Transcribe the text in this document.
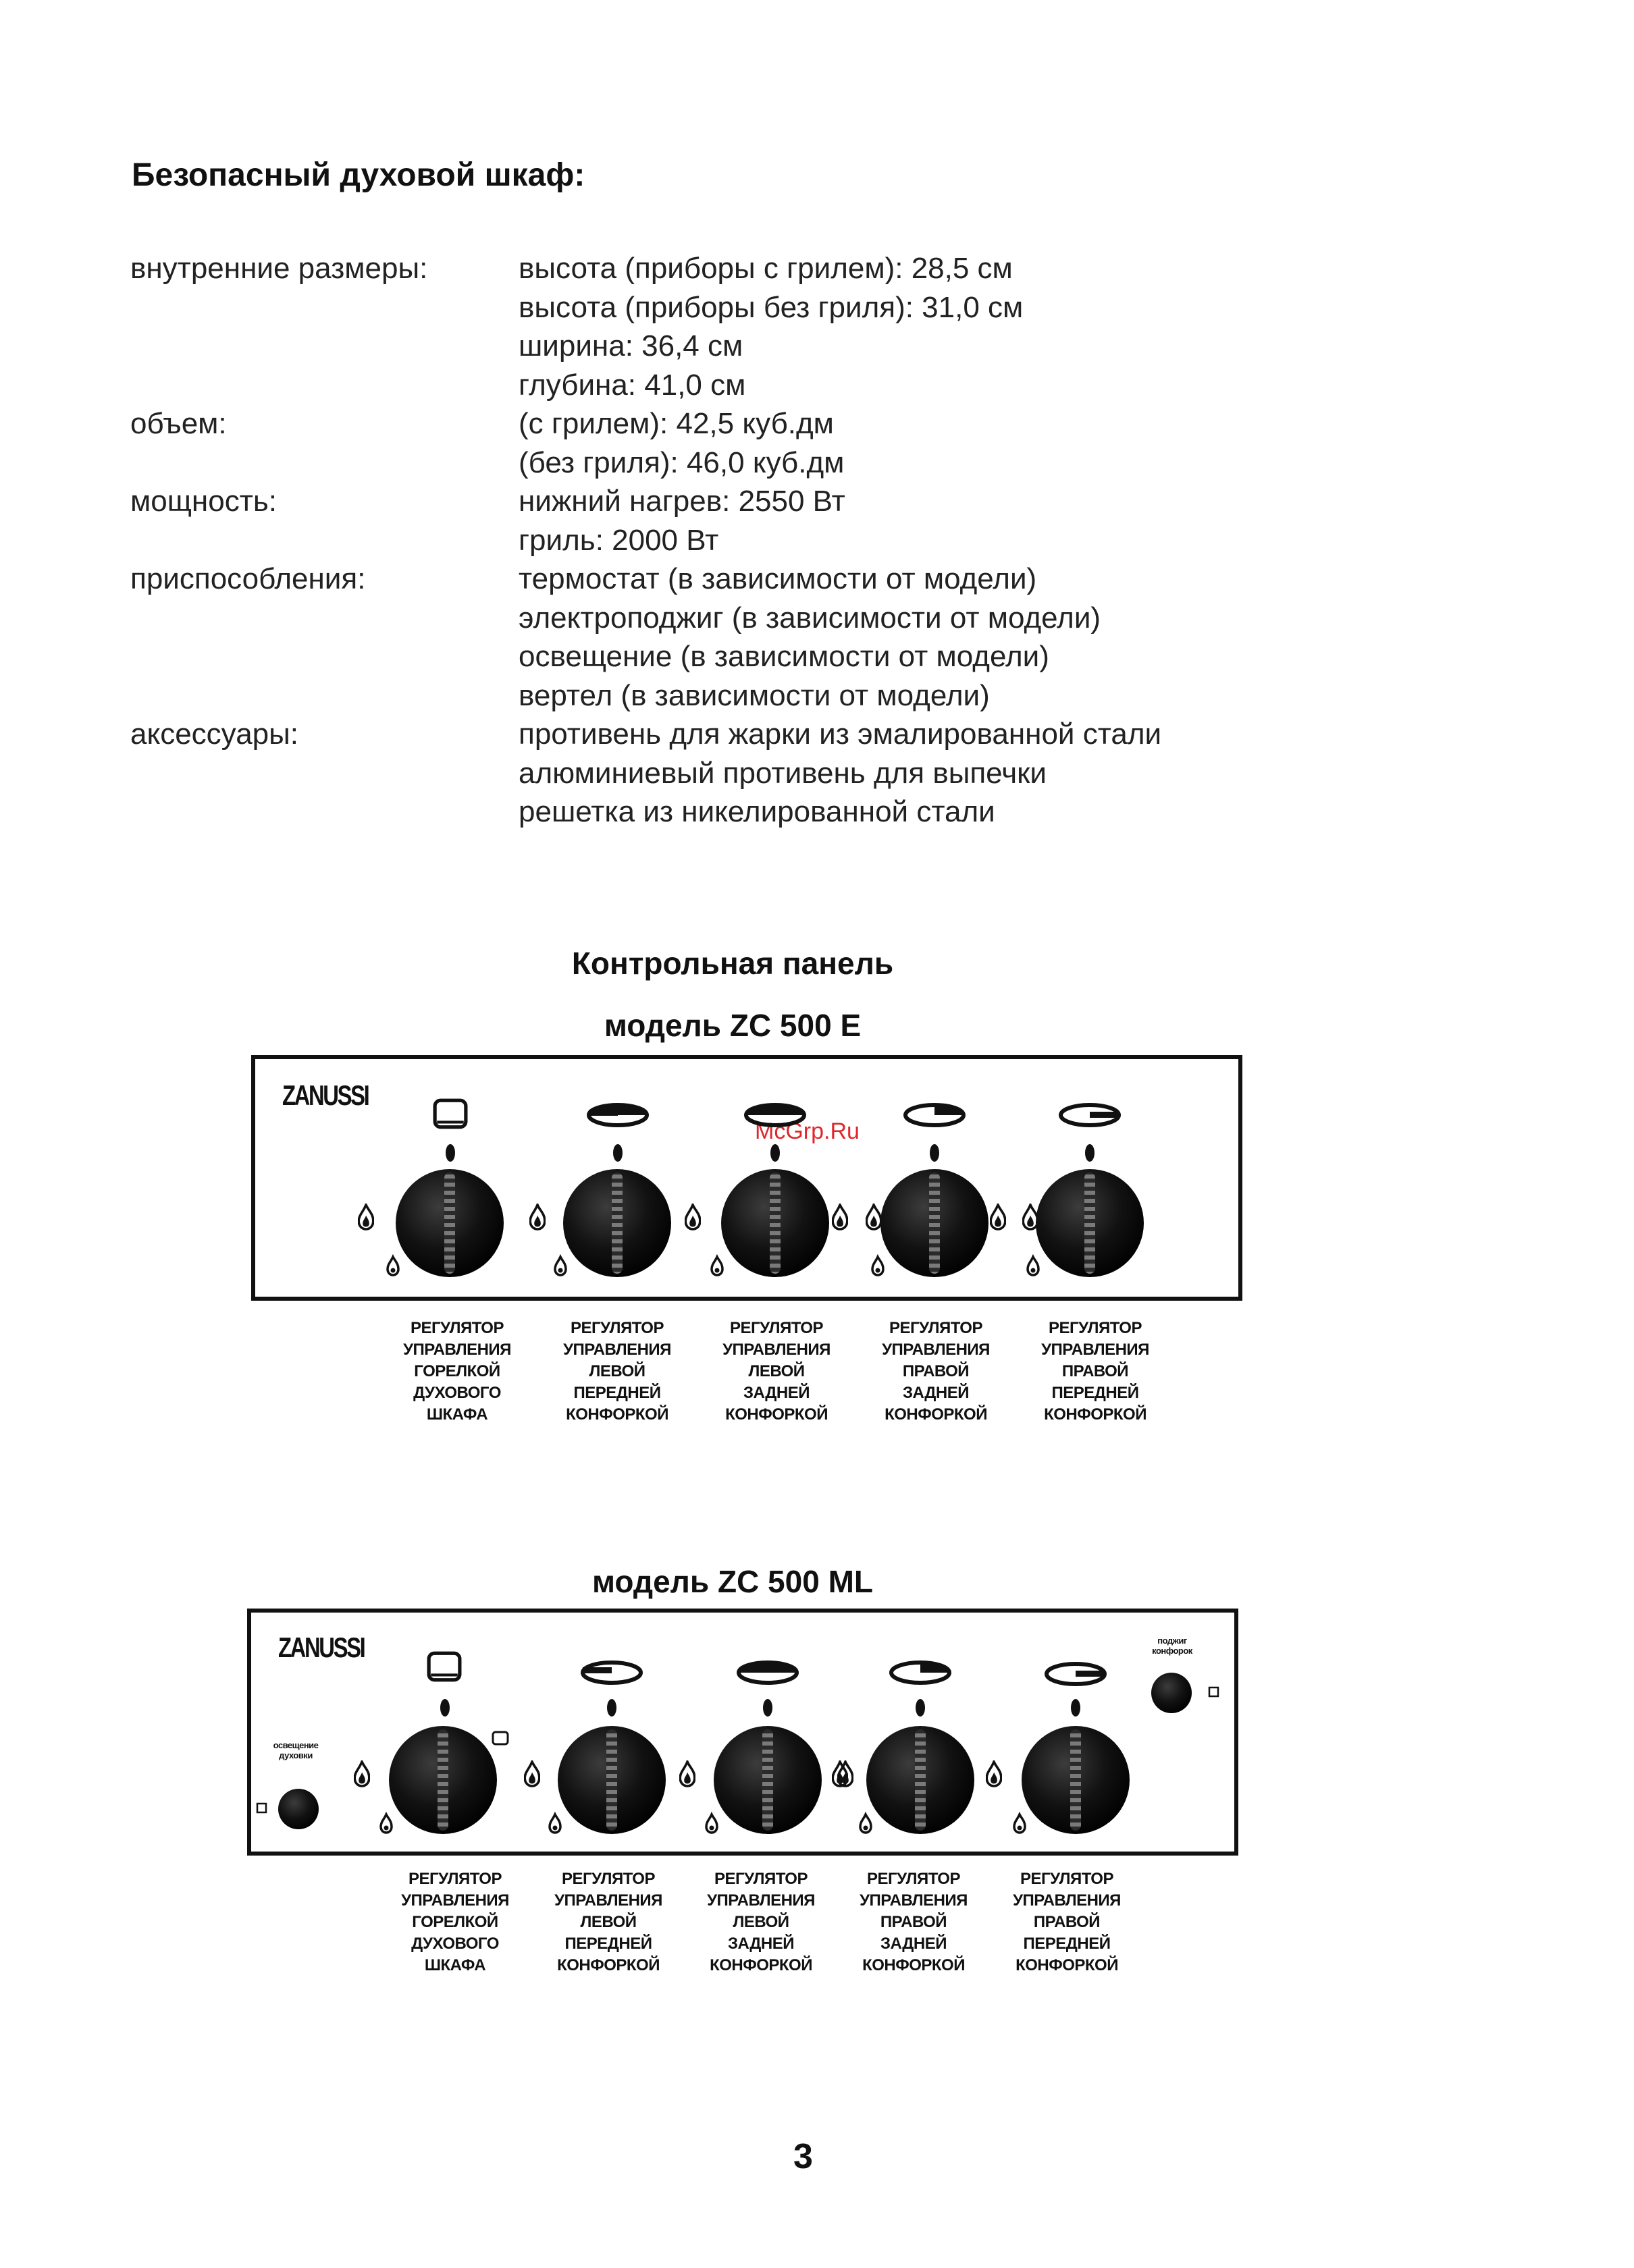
Безопасный духовой шкаф:
внутренние размеры:	высота (приборы с грилем): 28,5 см
высота (приборы без гриля): 31,0 см
ширина: 36,4 см
глубина: 41,0 см
объем:	(с грилем): 42,5 куб.дм
(без гриля): 46,0 куб.дм
мощность:	нижний нагрев: 2550 Вт
гриль: 2000 Вт
приспособления:	термостат (в зависимости от модели)
электроподжиг (в зависимости от модели)
освещение (в зависимости от модели)
вертел (в зависимости от модели)
аксессуары:	противень для жарки из эмалированной стали
алюминиевый противень для выпечки
решетка из никелированной стали
Контрольная панель
модель ZC 500 E
ZANUSSI
McGrp.Ru
модель ZC 500 ML
ZANUSSI
освещение
духовки
поджиг
конфорок
РЕГУЛЯТОР
УПРАВЛЕНИЯ
ГОРЕЛКОЙ
ДУХОВОГО
ШКАФА
РЕГУЛЯТОР
УПРАВЛЕНИЯ
ЛЕВОЙ
ПЕРЕДНЕЙ
КОНФОРКОЙ
РЕГУЛЯТОР
УПРАВЛЕНИЯ
ЛЕВОЙ
ЗАДНЕЙ
КОНФОРКОЙ
РЕГУЛЯТОР
УПРАВЛЕНИЯ
ПРАВОЙ
ЗАДНЕЙ
КОНФОРКОЙ
РЕГУЛЯТОР
УПРАВЛЕНИЯ
ПРАВОЙ
ПЕРЕДНЕЙ
КОНФОРКОЙ
РЕГУЛЯТОР
УПРАВЛЕНИЯ
ГОРЕЛКОЙ
ДУХОВОГО
ШКАФА
РЕГУЛЯТОР
УПРАВЛЕНИЯ
ЛЕВОЙ
ПЕРЕДНЕЙ
КОНФОРКОЙ
РЕГУЛЯТОР
УПРАВЛЕНИЯ
ЛЕВОЙ
ЗАДНЕЙ
КОНФОРКОЙ
РЕГУЛЯТОР
УПРАВЛЕНИЯ
ПРАВОЙ
ЗАДНЕЙ
КОНФОРКОЙ
РЕГУЛЯТОР
УПРАВЛЕНИЯ
ПРАВОЙ
ПЕРЕДНЕЙ
КОНФОРКОЙ
3
